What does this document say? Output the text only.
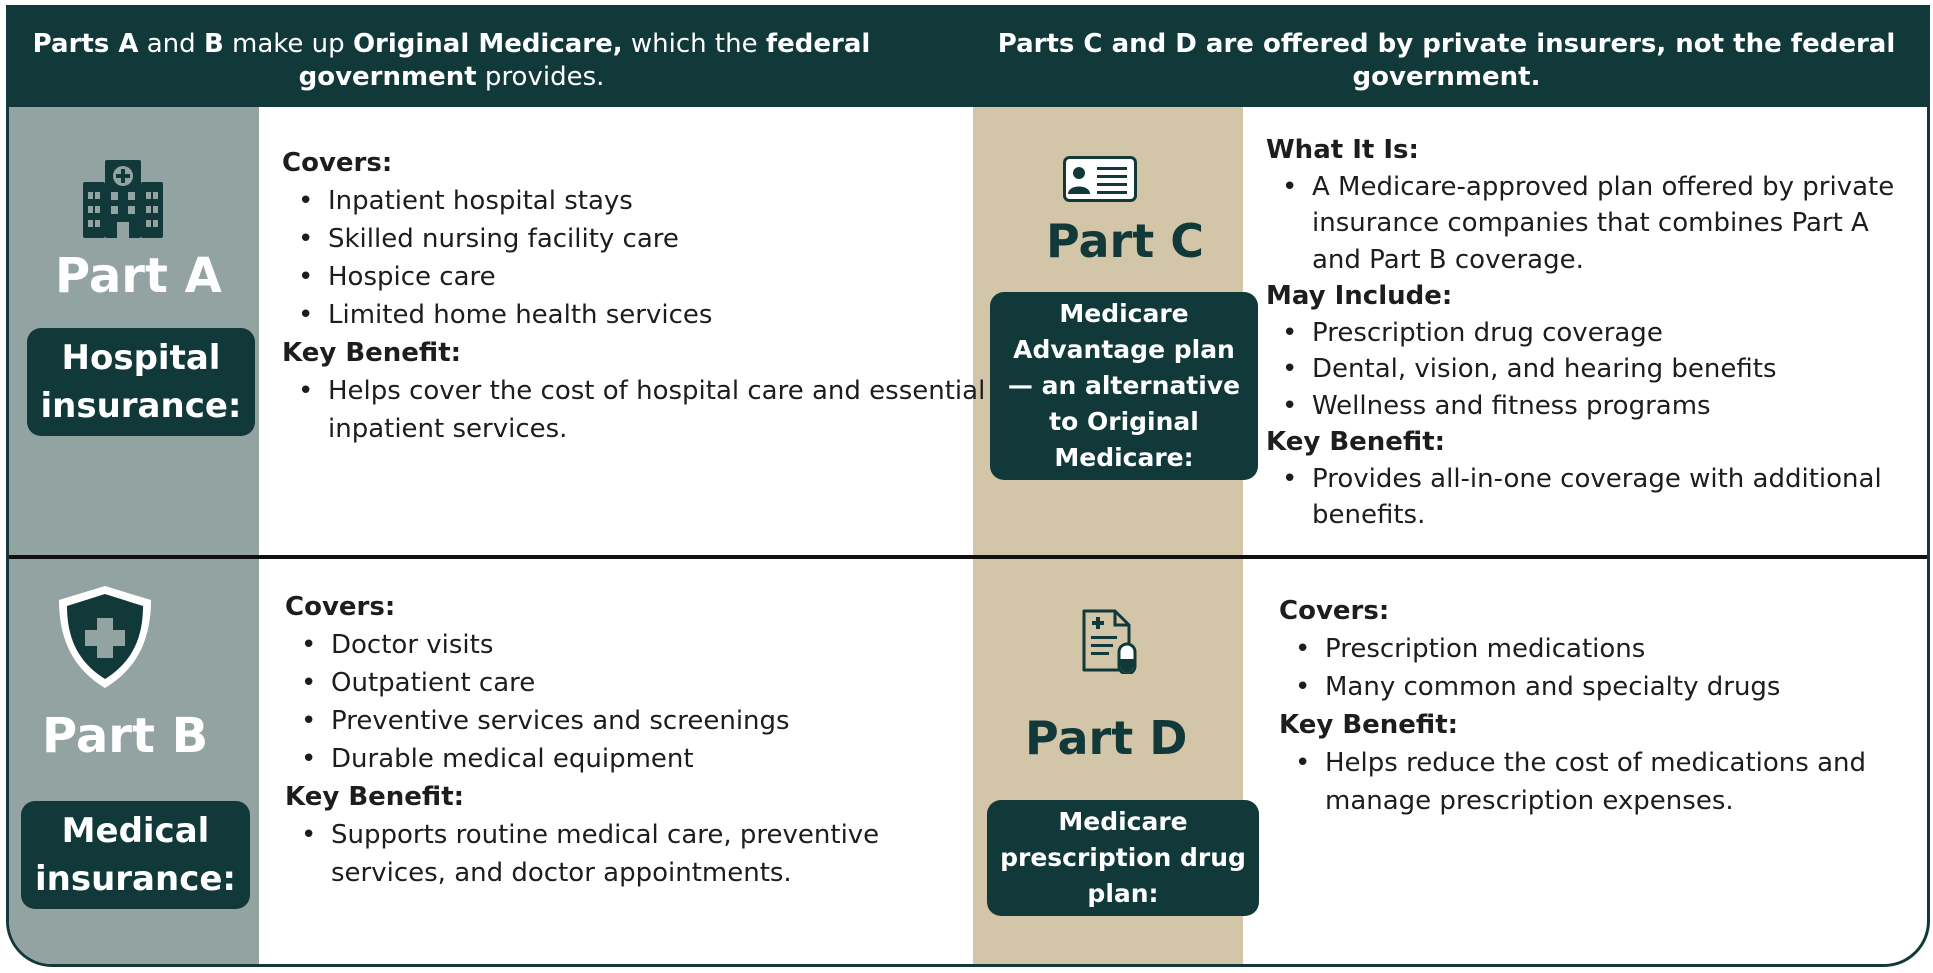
Parts A and B make up Original Medicare, which the federal government provides.
Parts C and D are offered by private insurers, not the federal government.
Part A
Hospital insurance:
Covers:
• Inpatient hospital stays
• Skilled nursing facility care
• Hospice care
• Limited home health services
Key Benefit:
• Helps cover the cost of hospital care and essential inpatient services.
Part B
Medical insurance:
Covers:
• Doctor visits
• Outpatient care
• Preventive services and screenings
• Durable medical equipment
Key Benefit:
• Supports routine medical care, preventive services, and doctor appointments.
Part C
Medicare Advantage plan — an alternative to Original Medicare:
What It Is:
• A Medicare-approved plan offered by private insurance companies that combines Part A and Part B coverage.
May Include:
• Prescription drug coverage
• Dental, vision, and hearing benefits
• Wellness and fitness programs
Key Benefit:
• Provides all-in-one coverage with additional benefits.
Part D
Medicare prescription drug plan:
Covers:
• Prescription medications
• Many common and specialty drugs
Key Benefit:
• Helps reduce the cost of medications and manage prescription expenses.
